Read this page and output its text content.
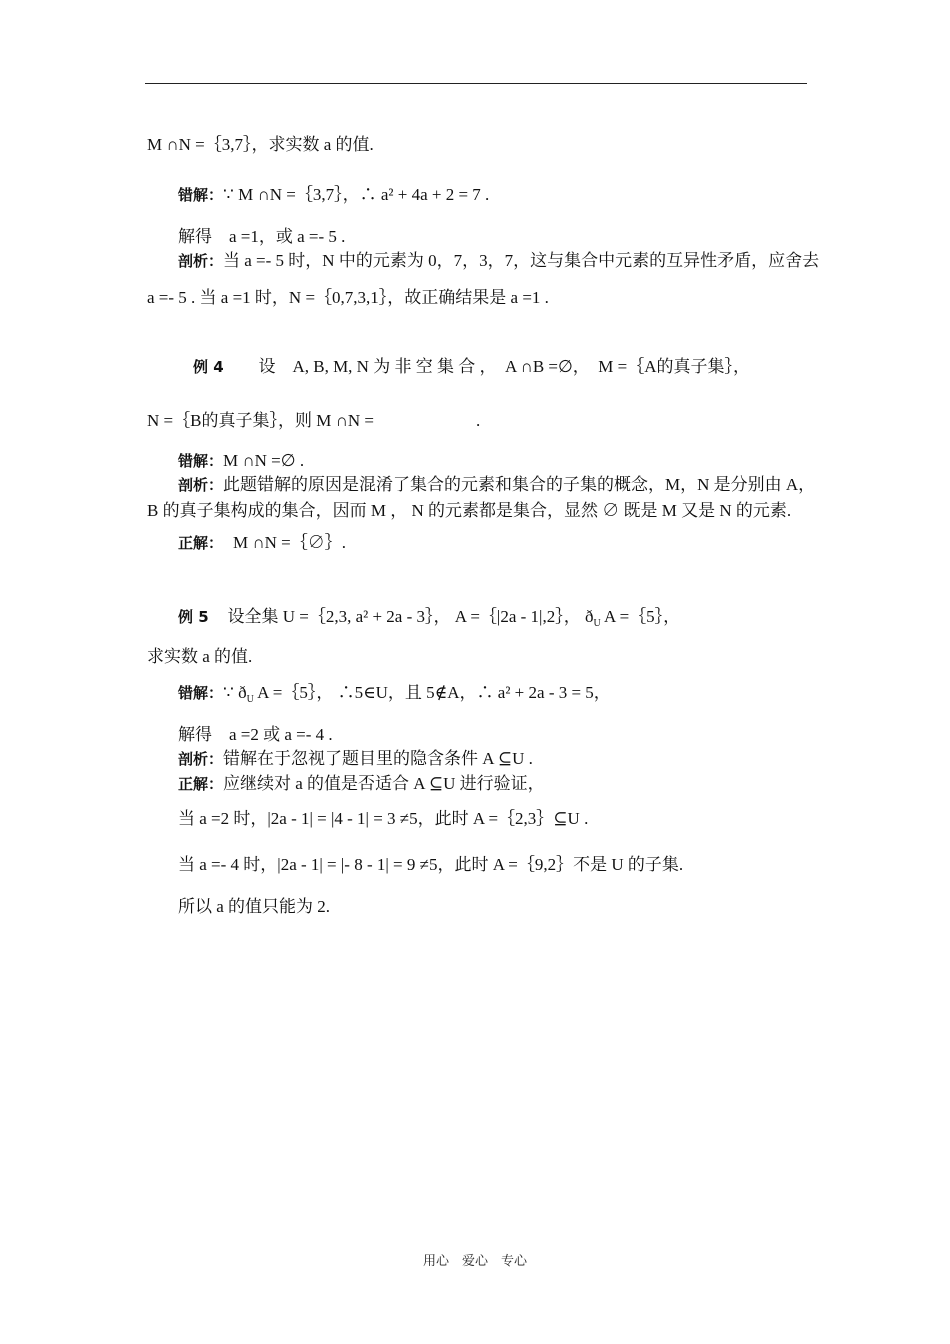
M ∩N =｛3,7｝，求实数 a 的值.
错解：∵ M ∩N =｛3,7｝，∴ a² + 4a + 2 = 7 .
解得　a =1，或 a =- 5 .
剖析：当 a =- 5 时，N 中的元素为 0，7，3，7，这与集合中元素的互异性矛盾，应舍去
a =- 5 . 当 a =1 时，N =｛0,7,3,1｝，故正确结果是 a =1 .
例 4 设　A, B, M, N 为 非 空 集 合 ，　A ∩B =∅，　M =｛A的真子集｝，
N =｛B的真子集｝，则 M ∩N =　　　　　　.
错解：M ∩N =∅ .
剖析：此题错解的原因是混淆了集合的元素和集合的子集的概念，M，N 是分别由 A，
B 的真子集构成的集合，因而 M ， N 的元素都是集合，显然 ∅ 既是 M 又是 N 的元素.
正解： M ∩N =｛∅｝.
例 5 设全集 U =｛2,3, a² + 2a - 3｝， A =｛|2a - 1|,2｝， $ð_U$ A =｛5｝，
求实数 a 的值.
错解：∵ $ð_U$ A =｛5｝， ∴5∈U，且 5∉A，∴ a² + 2a - 3 = 5，
解得　a =2 或 a =- 4 .
剖析：错解在于忽视了题目里的隐含条件 A ⊆U .
正解：应继续对 a 的值是否适合 A ⊆U 进行验证，
当 a =2 时，|2a - 1| = |4 - 1| = 3 ≠5，此时 A =｛2,3｝⊆U .
当 a =- 4 时，|2a - 1| = |- 8 - 1| = 9 ≠5，此时 A =｛9,2｝不是 U 的子集.
所以 a 的值只能为 2.
用心　爱心　专心
